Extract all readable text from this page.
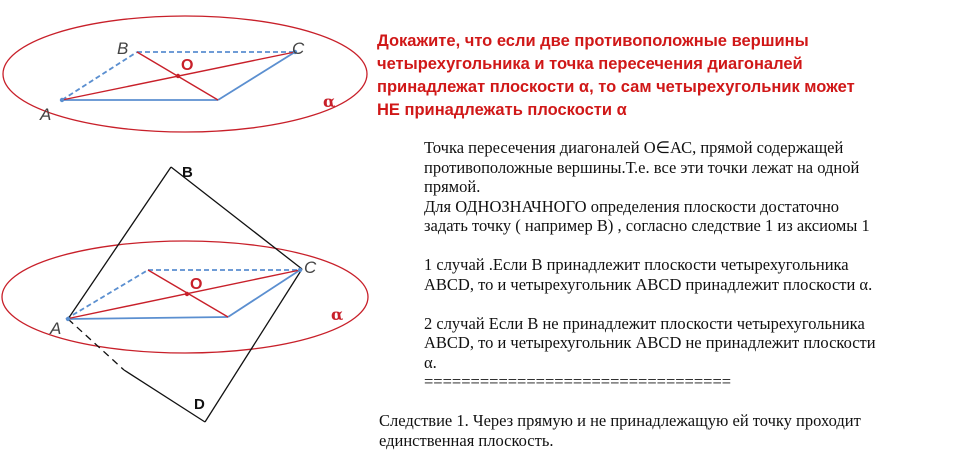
A
B	C
O
α
A
B
C
D
O
α
Докажите, что если две противоположные вершины
четырехугольника и точка пересечения диагоналей
принадлежат плоскости α, то сам четырехугольник может
НЕ принадлежать плоскости α
Точка пересечения диагоналей О∈АС, прямой содержащей
противоположные вершины.Т.е. все эти точки лежат на одной
прямой.
Для ОДНОЗНАЧНОГО определения плоскости достаточно
задать точку ( например В) , согласно следствие 1 из аксиомы 1
1 случай .Если В принадлежит плоскости четырехугольника
ABCD, то и четырехугольник ABCD принадлежит плоскости α.
2 случай Если В не принадлежит плоскости четырехугольника
ABCD, то и четырехугольник ABCD не принадлежит плоскости
α.
=================================
Следствие 1. Через прямую и не принадлежащую ей точку проходит
единственная плоскость.
